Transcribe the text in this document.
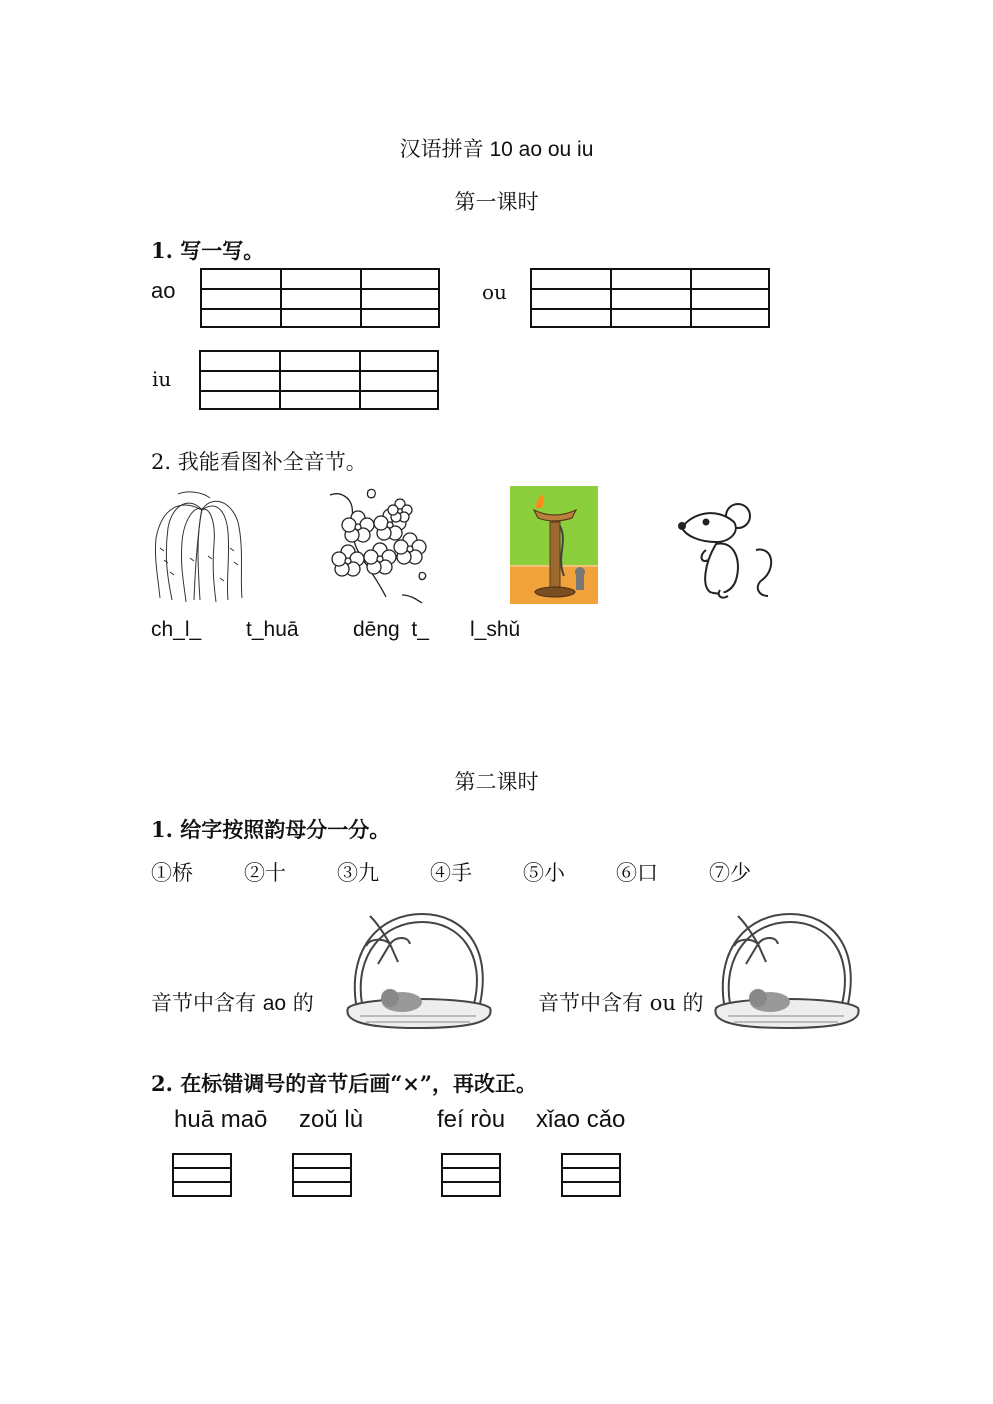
汉语拼音 10 ao ou iu
第一课时
1. 写一写。
ao	ou
iu
2. 我能看图补全音节。
ch_l_ t_huā	dēng  t_ l_shǔ
第二课时
1. 给字按照韵母分一分。
①桥 ②十 ③九 ④手 ⑤小 ⑥口 ⑦少
音节中含有 ao 的	音节中含有 ou 的
2. 在标错调号的音节后画“×”，再改正。
huā maō zoǔ lù	feí ròu xǐao cǎo
